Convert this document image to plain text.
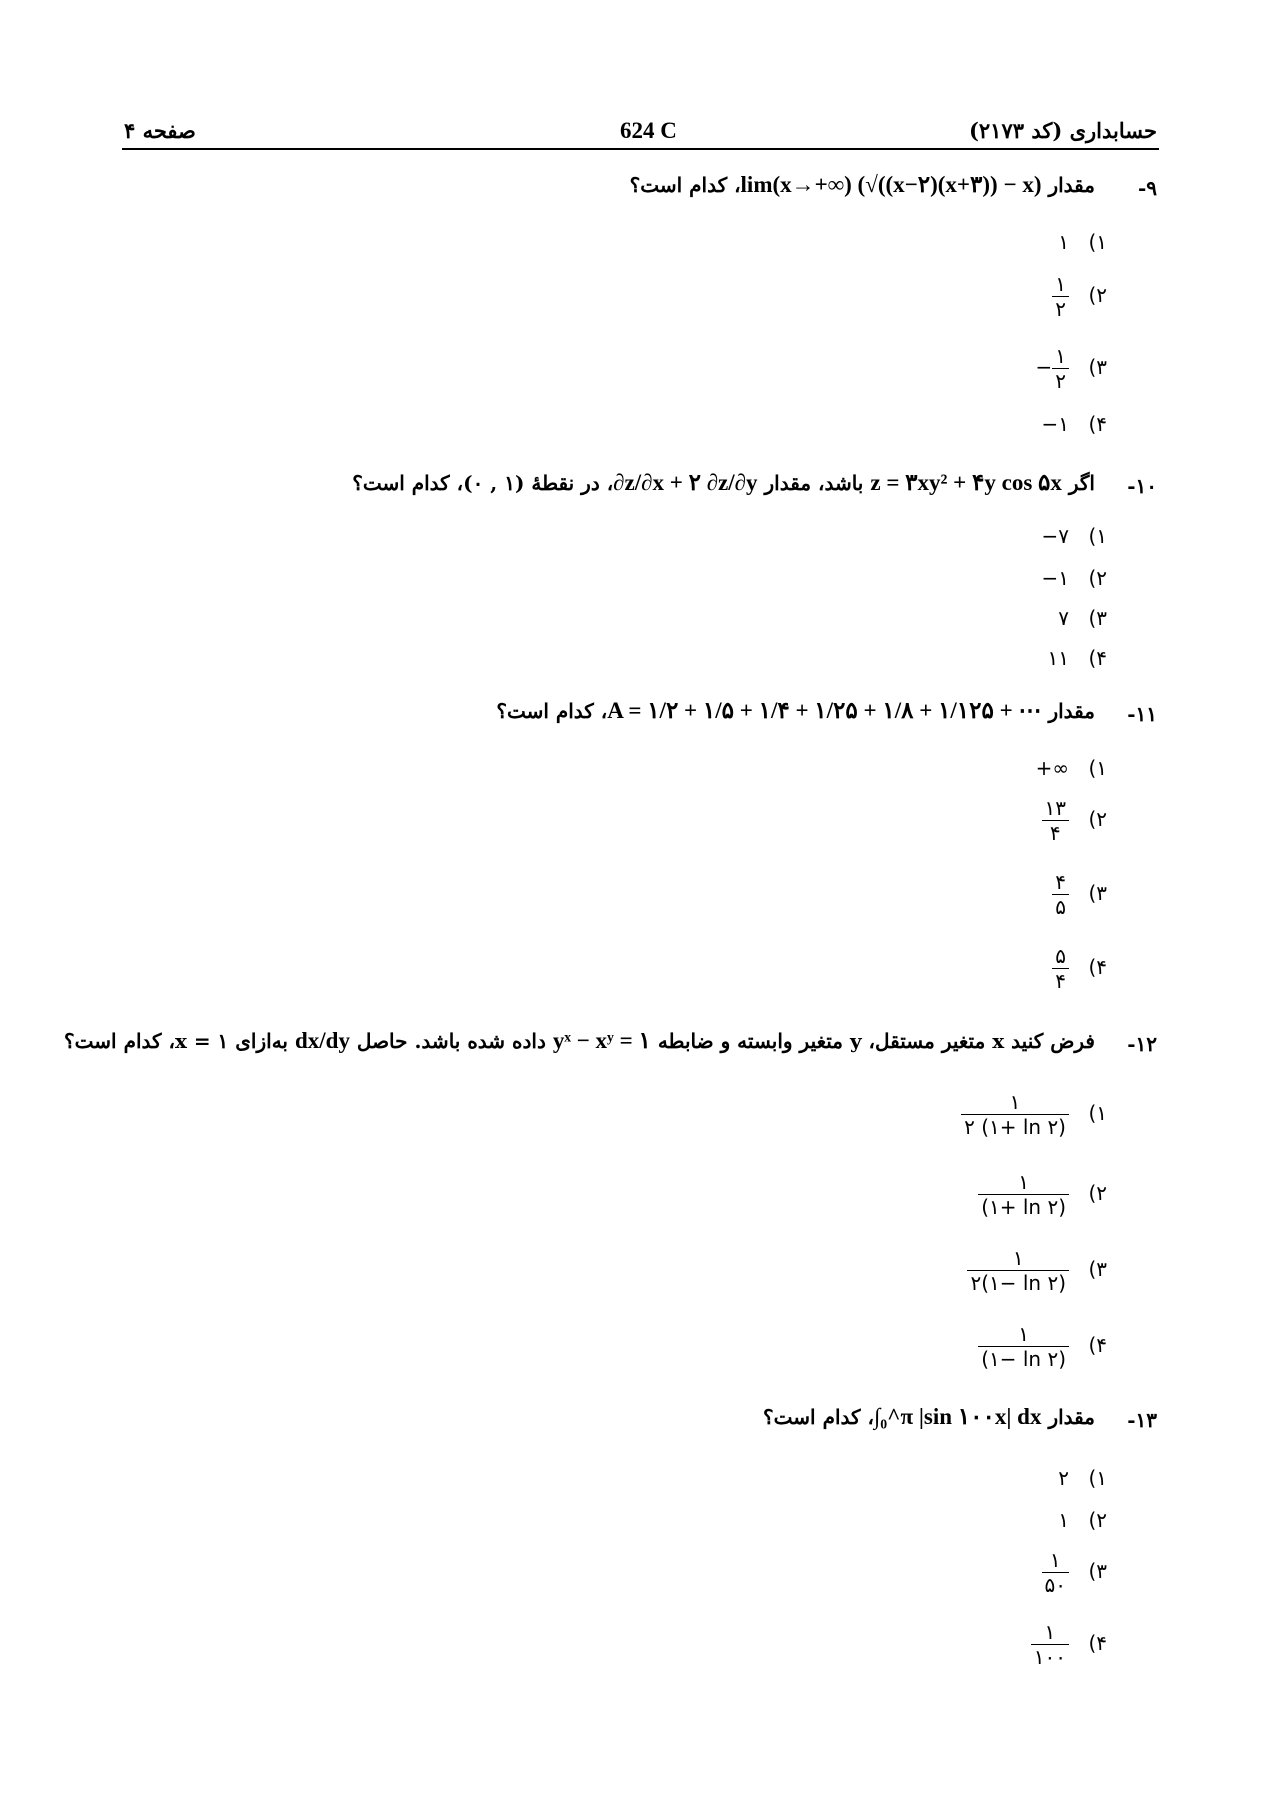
صفحه ۴	624 C	حسابداری (کد ۲۱۷۳)
-۹
مقدار lim(x→+∞) (√((x−۲)(x+۳)) − x)، کدام است؟
۱)۱
۲)
$\frac{۱}{۲}$
۳)− $\frac{۱}{۲}$
۴)−۱
-۱۰
اگر z = ۳xy² + ۴y cos ۵x باشد، مقدار ∂z/∂x + ۲ ∂z/∂y، در نقطهٔ (۱ , ۰)، کدام است؟
۱)−۷
۲)−۱
۳)۷
۴)۱۱
-۱۱
مقدار A = ۱/۲ + ۱/۵ + ۱/۴ + ۱/۲۵ + ۱/۸ + ۱/۱۲۵ + ⋯، کدام است؟
۱)+∞
۲)
$\frac{۱۳}{۴}$
۳)
$\frac{۴}{۵}$
۴)
$\frac{۵}{۴}$
-۱۲
فرض کنید x متغیر مستقل، y متغیر وابسته و ضابطه yˣ − xʸ = ۱ داده شده باشد. حاصل dx/dy به‌ازای x = ۱، کدام است؟
۱)
$\frac{۱}{۲ (۱+ \ln ۲)}$
۲)
$\frac{۱}{(۱+ \ln ۲)}$
۳)
$\frac{۱}{۲(۱- \ln ۲)}$
۴)
$\frac{۱}{(۱- \ln ۲)}$
-۱۳
مقدار ∫₀^π |sin ۱۰۰x| dx، کدام است؟
۱)۲
۲)۱
۳)
$\frac{۱}{۵۰}$
۴)
$\frac{۱}{۱۰۰}$
